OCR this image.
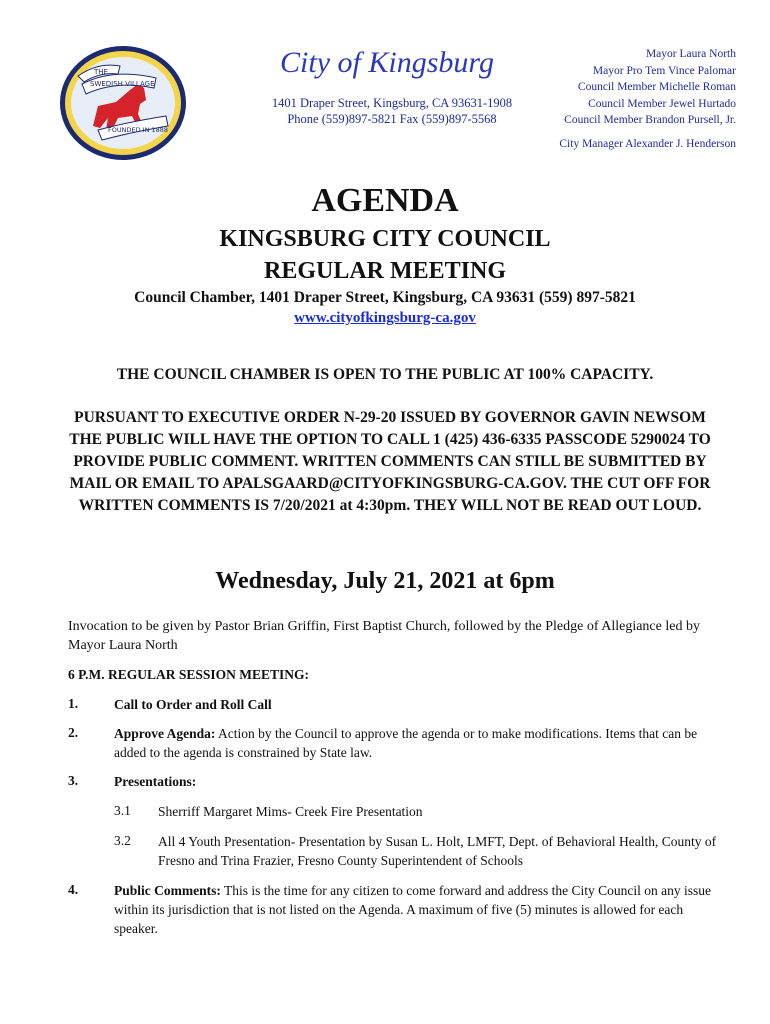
THE
SWEDISH VILLAGE
FOUNDED IN 1888
City of Kingsburg
1401 Draper Street, Kingsburg, CA 93631-1908
Phone (559)897-5821 Fax (559)897-5568
Mayor Laura North
Mayor Pro Tem Vince Palomar
Council Member Michelle Roman
Council Member Jewel Hurtado
Council Member Brandon Pursell, Jr.
City Manager Alexander J. Henderson
AGENDA
KINGSBURG CITY COUNCIL
REGULAR MEETING
Council Chamber, 1401 Draper Street, Kingsburg, CA 93631 (559) 897-5821
www.cityofkingsburg-ca.gov
THE COUNCIL CHAMBER IS OPEN TO THE PUBLIC AT 100% CAPACITY.
PURSUANT TO EXECUTIVE ORDER N-29-20 ISSUED BY GOVERNOR GAVIN NEWSOM THE PUBLIC WILL HAVE THE OPTION TO CALL 1 (425) 436-6335 PASSCODE 5290024 TO PROVIDE PUBLIC COMMENT. WRITTEN COMMENTS CAN STILL BE SUBMITTED BY MAIL OR EMAIL TO APALSGAARD@CITYOFKINGSBURG-CA.GOV. THE CUT OFF FOR WRITTEN COMMENTS IS 7/20/2021 at 4:30pm. THEY WILL NOT BE READ OUT LOUD.
Wednesday, July 21, 2021 at 6pm
Invocation to be given by Pastor Brian Griffin, First Baptist Church, followed by the Pledge of Allegiance led by Mayor Laura North
6 P.M. REGULAR SESSION MEETING:
1.	Call to Order and Roll Call
2.	Approve Agenda: Action by the Council to approve the agenda or to make modifications. Items that can be added to the agenda is constrained by State law.
3.	Presentations:
3.1 Sherriff Margaret Mims- Creek Fire Presentation
3.2 All 4 Youth Presentation- Presentation by Susan L. Holt, LMFT, Dept. of Behavioral Health, County of Fresno and Trina Frazier, Fresno County Superintendent of Schools
4.	Public Comments: This is the time for any citizen to come forward and address the City Council on any issue within its jurisdiction that is not listed on the Agenda. A maximum of five (5) minutes is allowed for each speaker.
